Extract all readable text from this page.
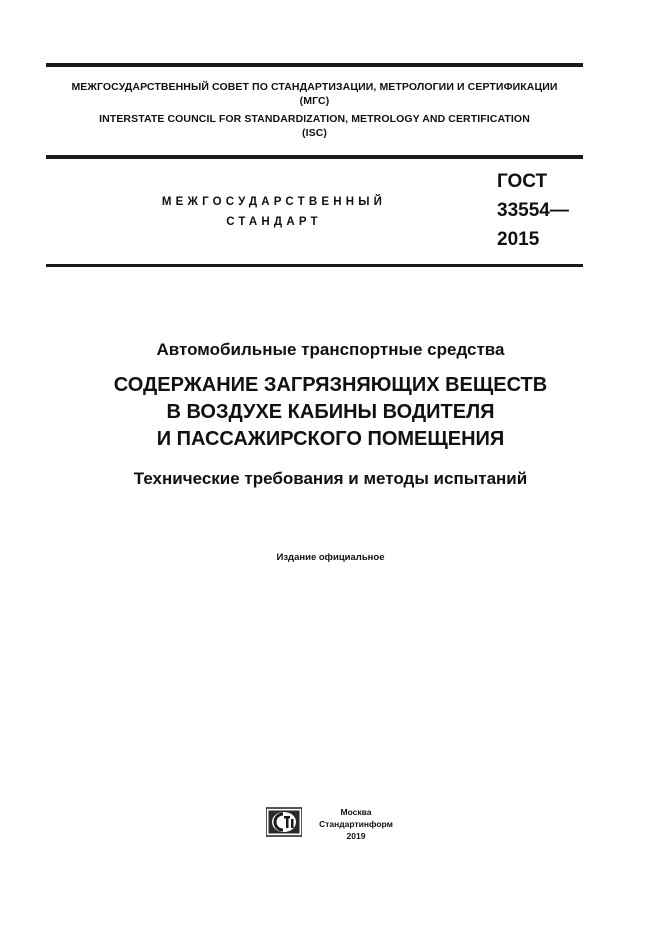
МЕЖГОСУДАРСТВЕННЫЙ СОВЕТ ПО СТАНДАРТИЗАЦИИ, МЕТРОЛОГИИ И СЕРТИФИКАЦИИ
(МГС)
INTERSTATE COUNCIL FOR STANDARDIZATION, METROLOGY AND CERTIFICATION
(ISC)
МЕЖГОСУДАРСТВЕННЫЙ
СТАНДАРТ
ГОСТ
33554—
2015
Автомобильные транспортные средства
СОДЕРЖАНИЕ ЗАГРЯЗНЯЮЩИХ ВЕЩЕСТВ
В ВОЗДУХЕ КАБИНЫ ВОДИТЕЛЯ
И ПАССАЖИРСКОГО ПОМЕЩЕНИЯ
Технические требования и методы испытаний
Издание официальное
Москва
Стандартинформ
2019
